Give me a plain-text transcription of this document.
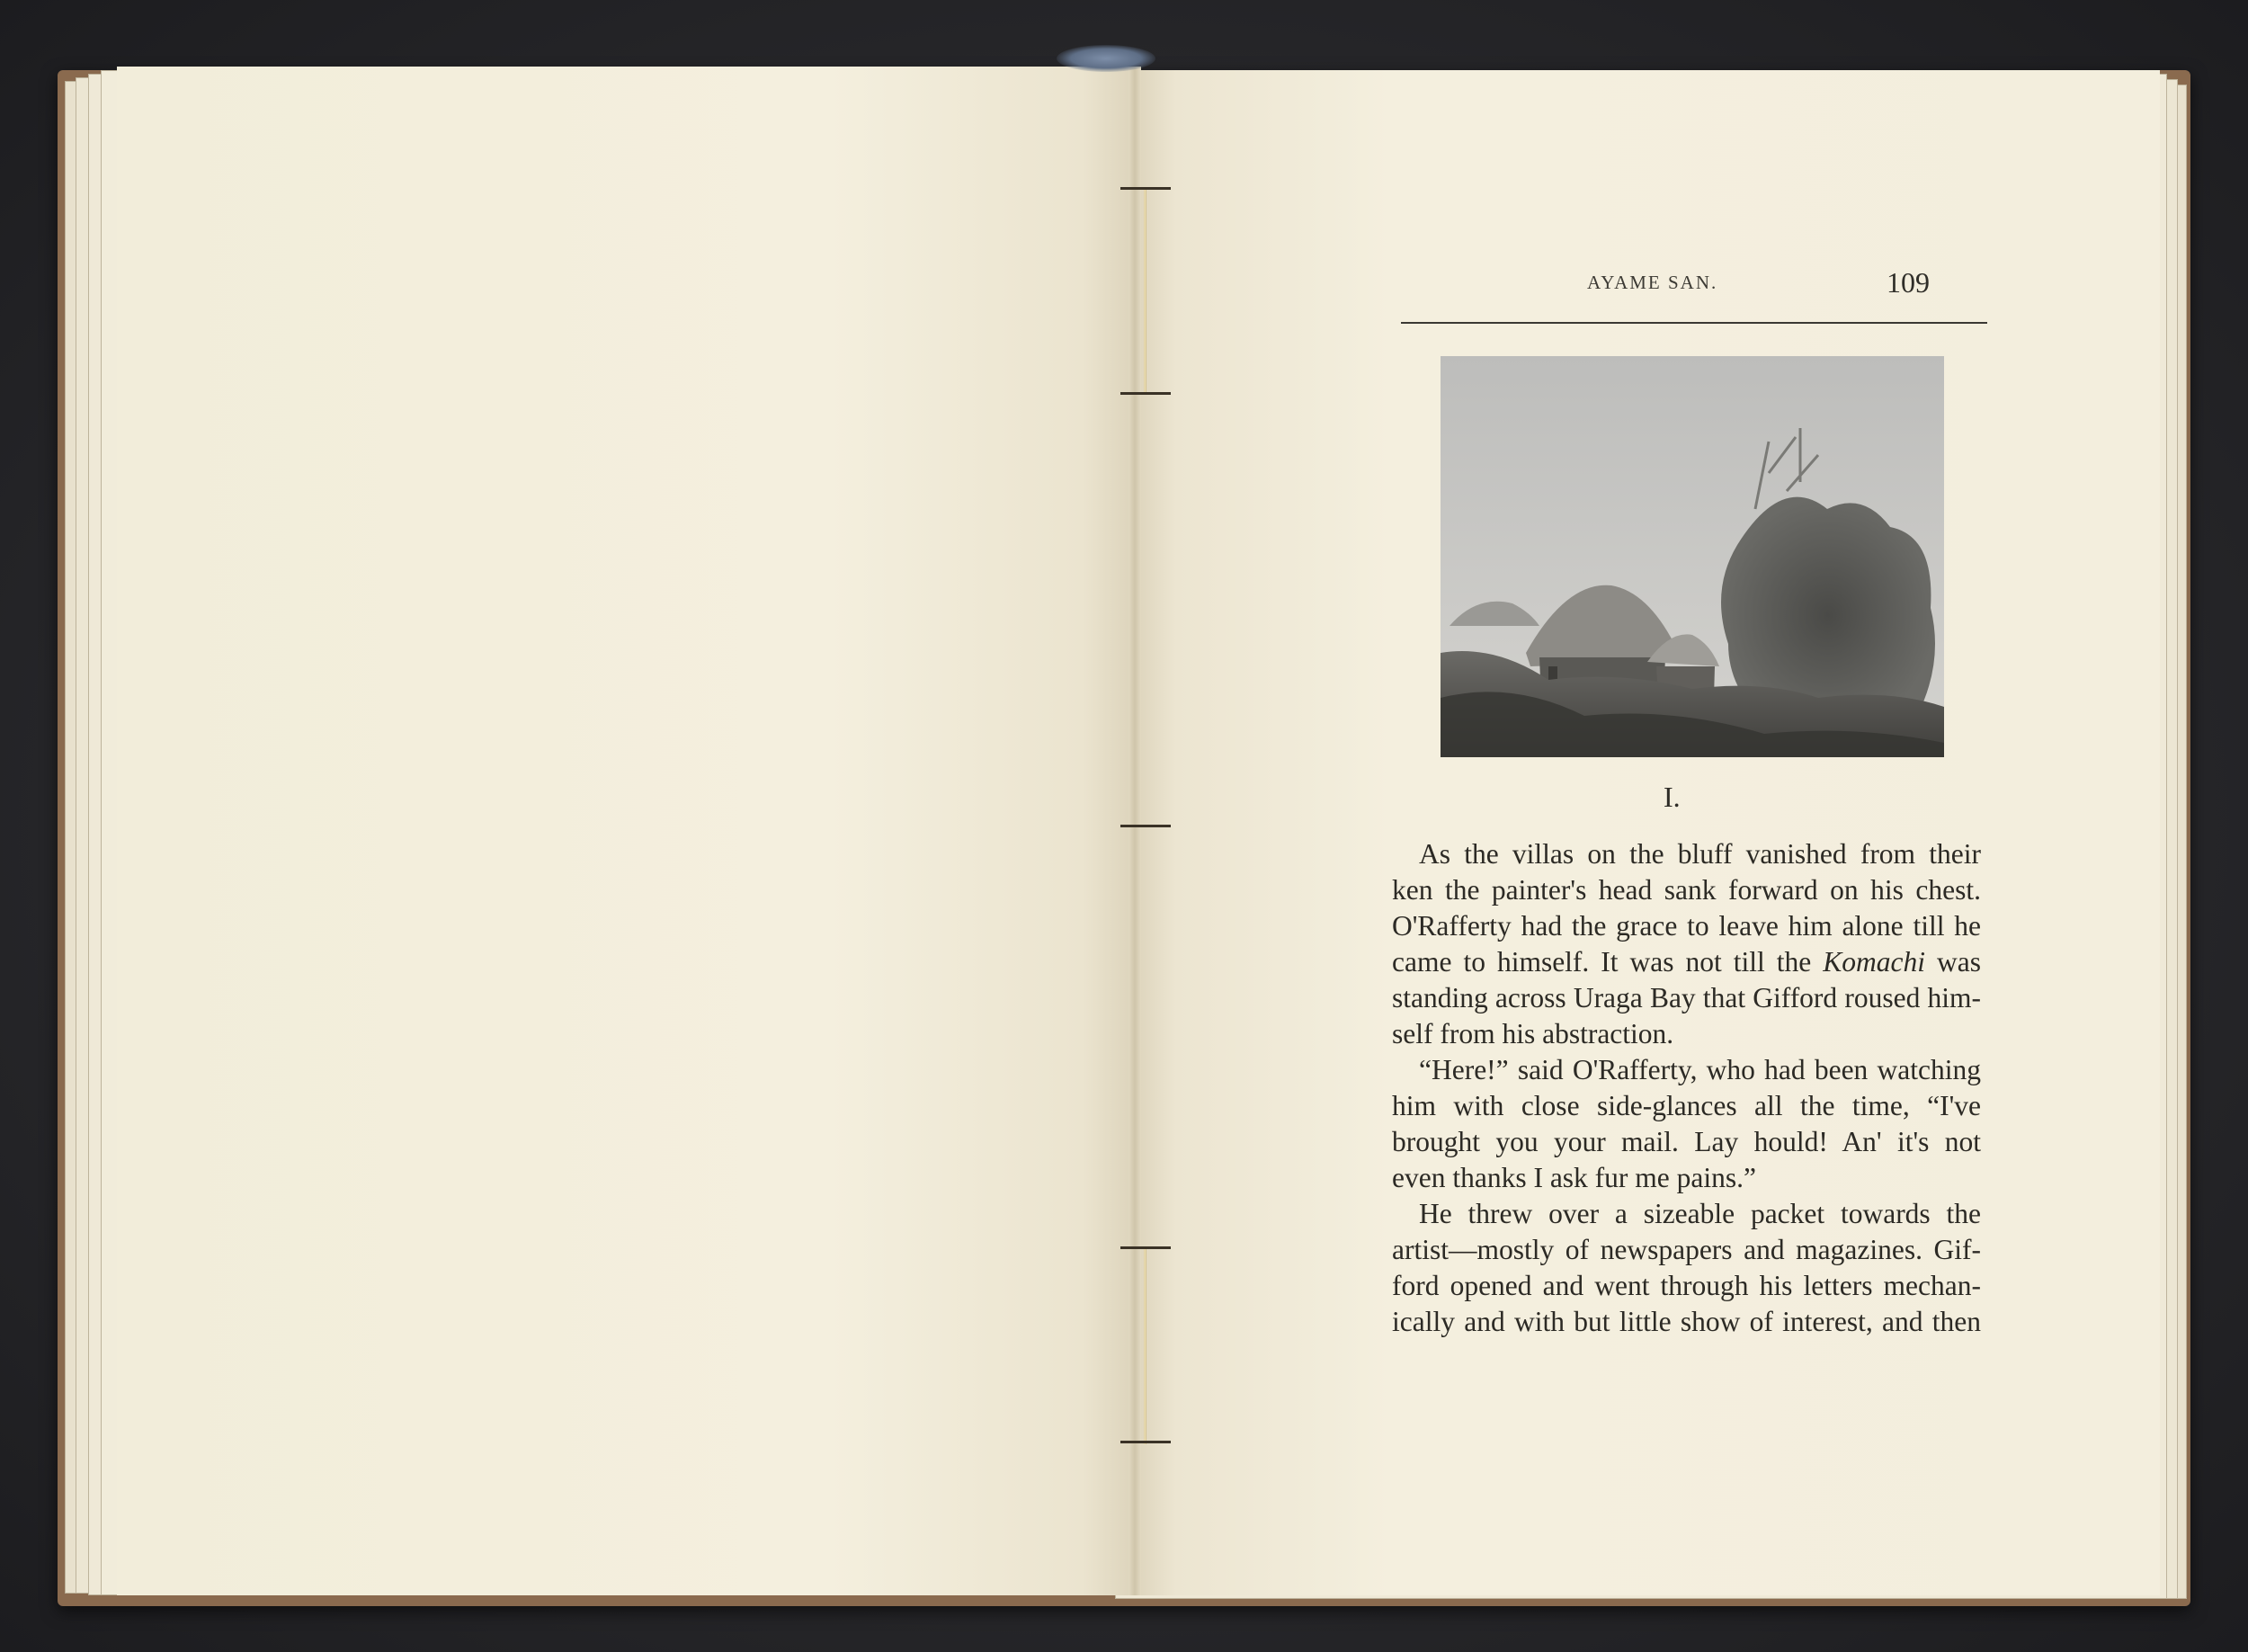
AYAME SAN.	109
I.
As the villas on the bluff vanished from their
ken the painter's head sank forward on his chest.
O'Rafferty had the grace to leave him alone till he
came to himself. It was not till the Komachi was
standing across Uraga Bay that Gifford roused him-
self from his abstraction.
“Here!” said O'Rafferty, who had been watching
him with close side-glances all the time, “I've
brought you your mail. Lay hould! An' it's not
even thanks I ask fur me pains.”
He threw over a sizeable packet towards the
artist—mostly of newspapers and magazines. Gif-
ford opened and went through his letters mechan-
ically and with but little show of interest, and then
